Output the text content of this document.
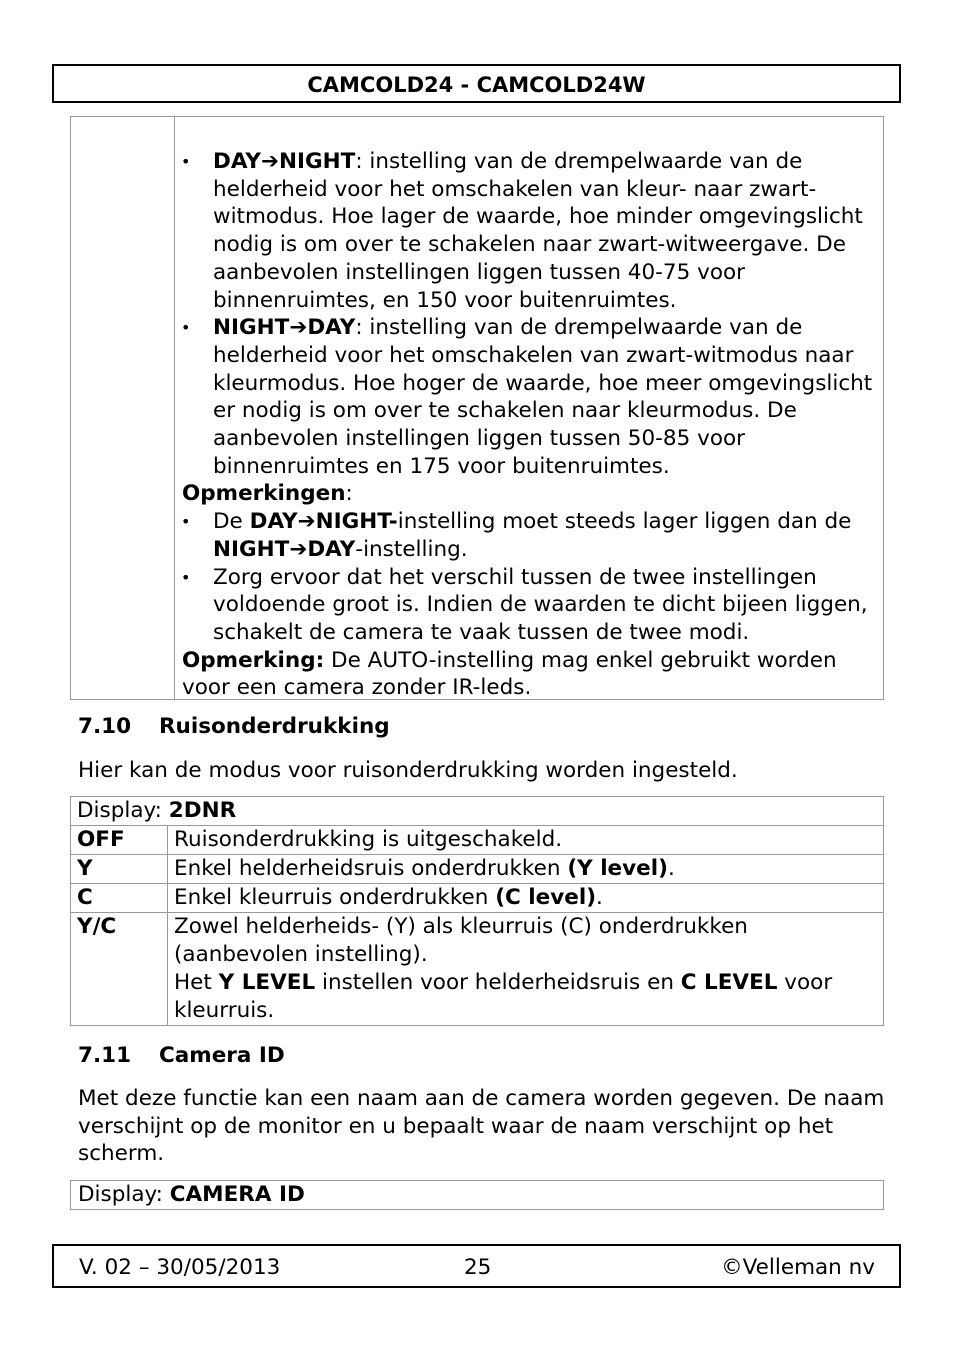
CAMCOLD24 - CAMCOLD24W
• DAY➔NIGHT: instelling van de drempelwaarde van de helderheid voor het omschakelen van kleur- naar zwart-witmodus. Hoe lager de waarde, hoe minder omgevingslicht nodig is om over te schakelen naar zwart-witweergave. De aanbevolen instellingen liggen tussen 40-75 voor binnenruimtes, en 150 voor buitenruimtes.
• NIGHT➔DAY: instelling van de drempelwaarde van de helderheid voor het omschakelen van zwart-witmodus naar kleurmodus. Hoe hoger de waarde, hoe meer omgevingslicht er nodig is om over te schakelen naar kleurmodus. De aanbevolen instellingen liggen tussen 50-85 voor binnenruimtes en 175 voor buitenruimtes.
Opmerkingen:
• De DAY➔NIGHT-instelling moet steeds lager liggen dan de NIGHT➔DAY-instelling.
• Zorg ervoor dat het verschil tussen de twee instellingen voldoende groot is. Indien de waarden te dicht bijeen liggen, schakelt de camera te vaak tussen de twee modi.
Opmerking: De AUTO-instelling mag enkel gebruikt worden voor een camera zonder IR-leds.
7.10 Ruisonderdrukking
Hier kan de modus voor ruisonderdrukking worden ingesteld.
Display: 2DNR	
OFF	Ruisonderdrukking is uitgeschakeld.
Y	Enkel helderheidsruis onderdrukken (Y level).
C	Enkel kleurruis onderdrukken (C level).
Y/C	Zowel helderheids- (Y) als kleurruis (C) onderdrukken (aanbevolen instelling).
Het Y LEVEL instellen voor helderheidsruis en C LEVEL voor kleurruis.
7.11 Camera ID
Met deze functie kan een naam aan de camera worden gegeven. De naam verschijnt op de monitor en u bepaalt waar de naam verschijnt op het scherm.
Display: CAMERA ID
V. 02 – 30/05/2013	25	©Velleman nv
